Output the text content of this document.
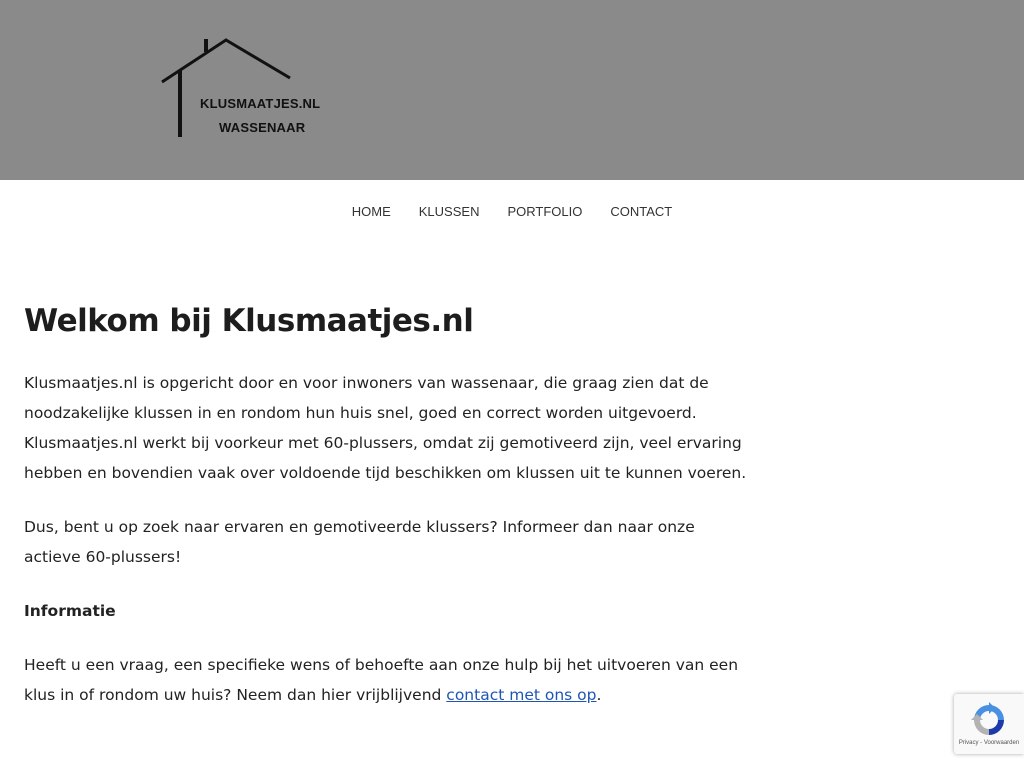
KLUSMAATJES.NL
WASSENAAR
HOME	KLUSSEN	PORTFOLIO	CONTACT
Welkom bij Klusmaatjes.nl

Klusmaatjes.nl is opgericht door en voor inwoners van wassenaar, die graag zien dat de noodzakelijke klussen in en rondom hun huis snel, goed en correct worden uitgevoerd. Klusmaatjes.nl werkt bij voorkeur met 60-plussers, omdat zij gemotiveerd zijn, veel ervaring hebben en bovendien vaak over voldoende tijd beschikken om klussen uit te kunnen voeren.

Dus, bent u op zoek naar ervaren en gemotiveerde klussers? Informeer dan naar onze actieve 60-plussers!

Informatie

Heeft u een vraag, een specifieke wens of behoefte aan onze hulp bij het uitvoeren van een klus in of rondom uw huis? Neem dan hier vrijblijvend contact met ons op.

Privacy - Voorwaarden
